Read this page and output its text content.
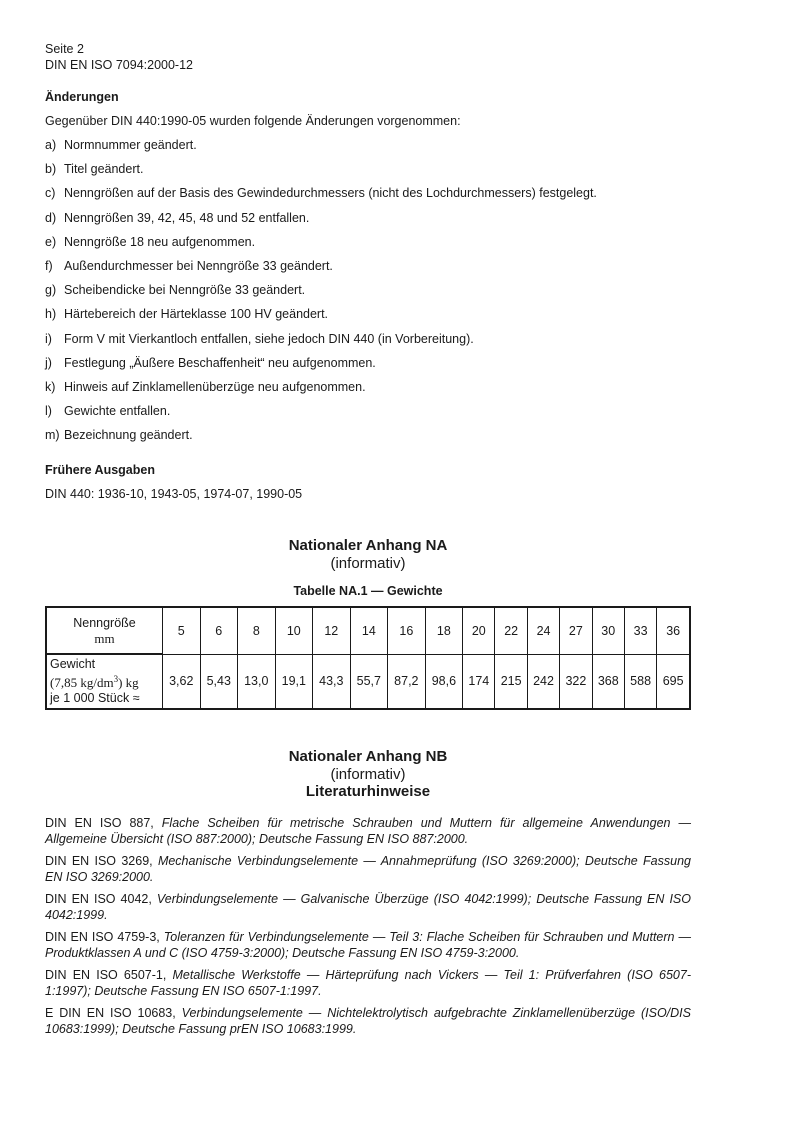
Seite 2
DIN EN ISO 7094:2000-12
Änderungen
Gegenüber DIN 440:1990-05 wurden folgende Änderungen vorgenommen:
a) Normnummer geändert.
b) Titel geändert.
c) Nenngrößen auf der Basis des Gewindedurchmessers (nicht des Lochdurchmessers) festgelegt.
d) Nenngrößen 39, 42, 45, 48 und 52 entfallen.
e) Nenngröße 18 neu aufgenommen.
f) Außendurchmesser bei Nenngröße 33 geändert.
g) Scheibendicke bei Nenngröße 33 geändert.
h) Härtebereich der Härteklasse 100 HV geändert.
i) Form V mit Vierkantloch entfallen, siehe jedoch DIN 440 (in Vorbereitung).
j) Festlegung „Äußere Beschaffenheit“ neu aufgenommen.
k) Hinweis auf Zinklamellenüberzüge neu aufgenommen.
l) Gewichte entfallen.
m) Bezeichnung geändert.
Frühere Ausgaben
DIN 440: 1936-10, 1943-05, 1974-07, 1990-05
Nationaler Anhang NA
(informativ)
Tabelle NA.1 — Gewichte
Nenngröße
mm	5	6	8	10	12	14	16	18	20	22	24	27	30	33	36

Gewicht
(7,85 $kg/dm^3$) kg
je 1 000 Stück ≈	3,62	5,43	13,0	19,1	43,3	55,7	87,2	98,6	174	215	242	322	368	588	695
Nationaler Anhang NB
(informativ)
Literaturhinweise
DIN EN ISO 887, Flache Scheiben für metrische Schrauben und Muttern für allgemeine Anwendungen — Allgemeine Übersicht (ISO 887:2000); Deutsche Fassung EN ISO 887:2000.
DIN EN ISO 3269, Mechanische Verbindungselemente — Annahmeprüfung (ISO 3269:2000); Deutsche Fassung EN ISO 3269:2000.
DIN EN ISO 4042, Verbindungselemente — Galvanische Überzüge (ISO 4042:1999); Deutsche Fassung EN ISO 4042:1999.
DIN EN ISO 4759-3, Toleranzen für Verbindungselemente — Teil 3: Flache Scheiben für Schrauben und Muttern — Produktklassen A und C (ISO 4759-3:2000); Deutsche Fassung EN ISO 4759-3:2000.
DIN EN ISO 6507-1, Metallische Werkstoffe — Härteprüfung nach Vickers — Teil 1: Prüfverfahren (ISO 6507-1:1997); Deutsche Fassung EN ISO 6507-1:1997.
E DIN EN ISO 10683, Verbindungselemente — Nichtelektrolytisch aufgebrachte Zinklamellenüberzüge (ISO/DIS 10683:1999); Deutsche Fassung prEN ISO 10683:1999.
